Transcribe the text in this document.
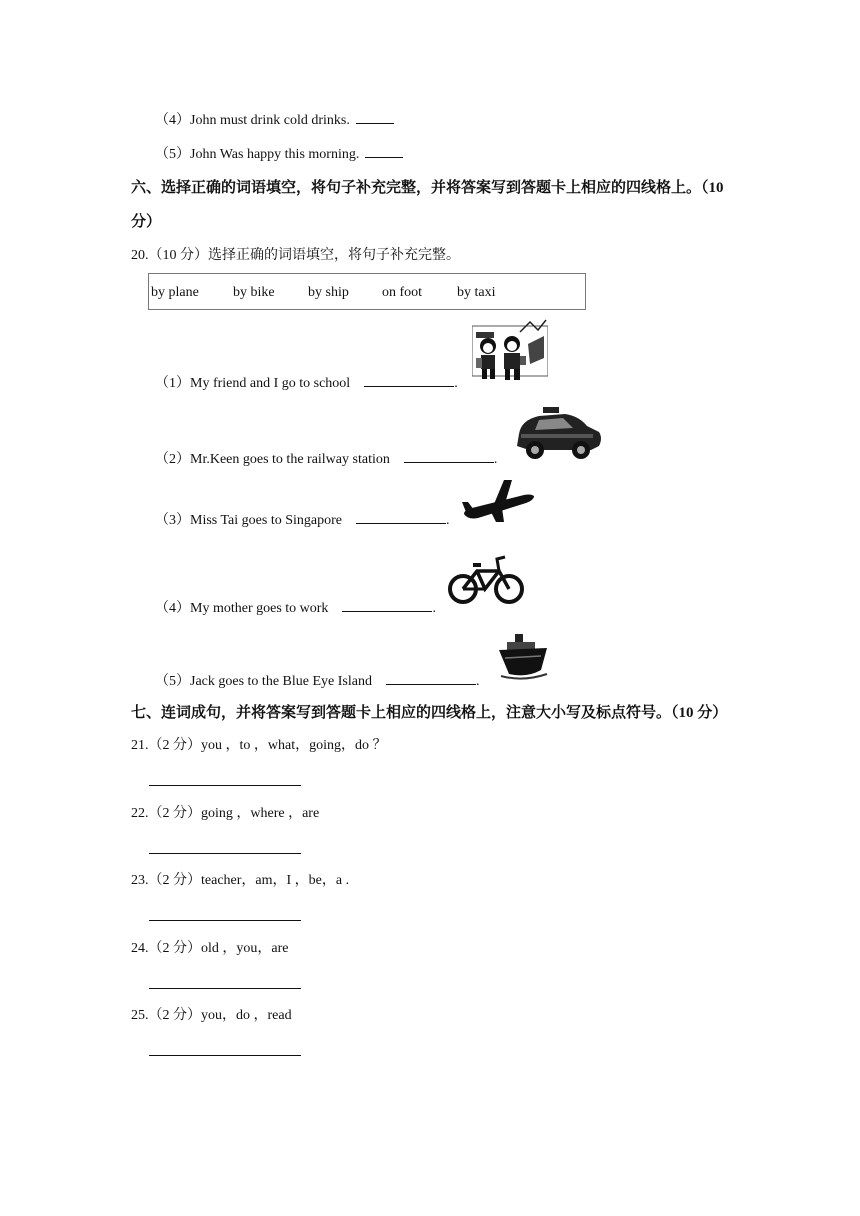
（4）John must drink cold drinks.
（5）John Was happy this morning.
六、选择正确的词语填空，将句子补充完整，并将答案写到答题卡上相应的四线格上。（10
分）
20.（10 分）选择正确的词语填空，将句子补充完整。
by plane by bike by ship on foot by taxi
（1）My friend and I go to school	.
（2）Mr.Keen goes to the railway station	.
（3）Miss Tai goes to Singapore	.
（4）My mother goes to work	.
（5）Jack goes to the Blue Eye Island	.
七、连词成句，并将答案写到答题卡上相应的四线格上，注意大小写及标点符号。（10 分）
21.（2 分）you ，to ，what，going，do ？
22.（2 分）going ，where ，are
23.（2 分）teacher，am，I ，be，a .
24.（2 分）old ，you，are
25.（2 分）you，do ，read
